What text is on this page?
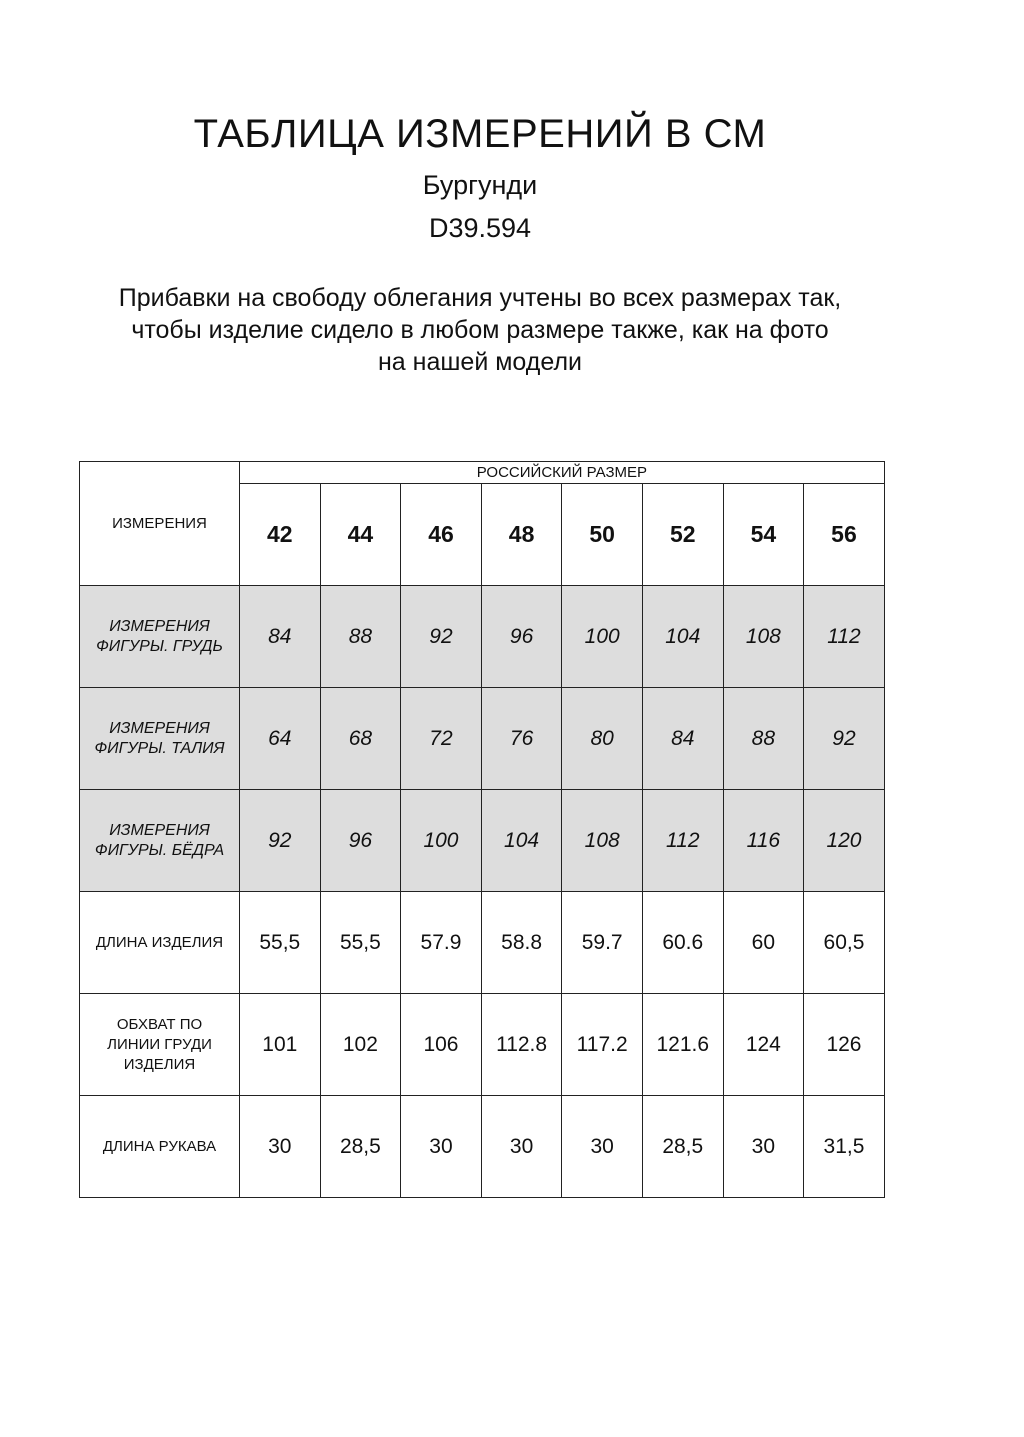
ТАБЛИЦА ИЗМЕРЕНИЙ В СМ
Бургунди
D39.594
Прибавки на свободу облегания учтены во всех размерах так,
чтобы изделие сидело в любом размере также, как на фото
на нашей модели
ИЗМЕРЕНИЯ	РОССИЙСКИЙ РАЗМЕР							
	42	44	46	48	50	52	54	56

ИЗМЕРЕНИЯ
ФИГУРЫ. ГРУДЬ	84	88	92	96	100	104	108	112

ИЗМЕРЕНИЯ
ФИГУРЫ. ТАЛИЯ	64	68	72	76	80	84	88	92

ИЗМЕРЕНИЯ
ФИГУРЫ. БЁДРА	92	96	100	104	108	112	116	120

ДЛИНА ИЗДЕЛИЯ	55,5	55,5	57.9	58.8	59.7	60.6	60	60,5

ОБХВАТ ПО
ЛИНИИ ГРУДИ
ИЗДЕЛИЯ	101	102	106	112.8	117.2	121.6	124	126

ДЛИНА РУКАВА	30	28,5	30	30	30	28,5	30	31,5
